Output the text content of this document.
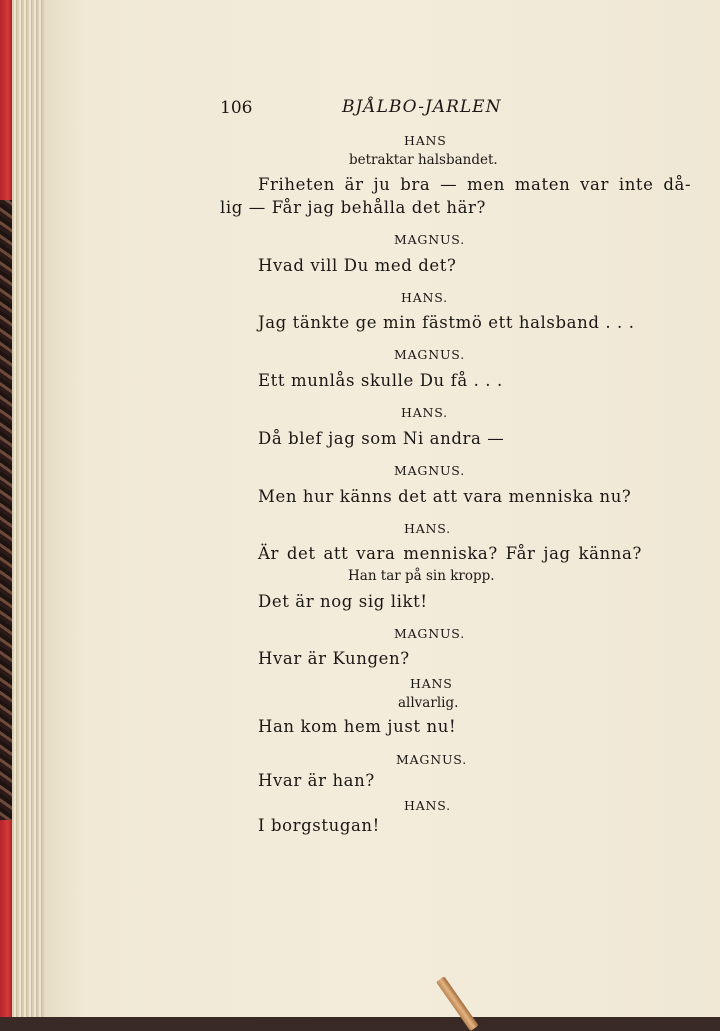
106	BJÅLBO-JARLEN
HANS
betraktar halsbandet.
Friheten är ju bra — men maten var inte då-
lig — Får jag behålla det här?
MAGNUS.
Hvad vill Du med det?
HANS.
Jag tänkte ge min fästmö ett halsband . . .
MAGNUS.
Ett munlås skulle Du få . . .
HANS.
Då blef jag som Ni andra —
MAGNUS.
Men hur känns det att vara menniska nu?
HANS.
Är det att vara menniska? Får jag känna?
Han tar på sin kropp.
Det är nog sig likt!
MAGNUS.
Hvar är Kungen?
HANS
allvarlig.
Han kom hem just nu!
MAGNUS.
Hvar är han?
HANS.
I borgstugan!
